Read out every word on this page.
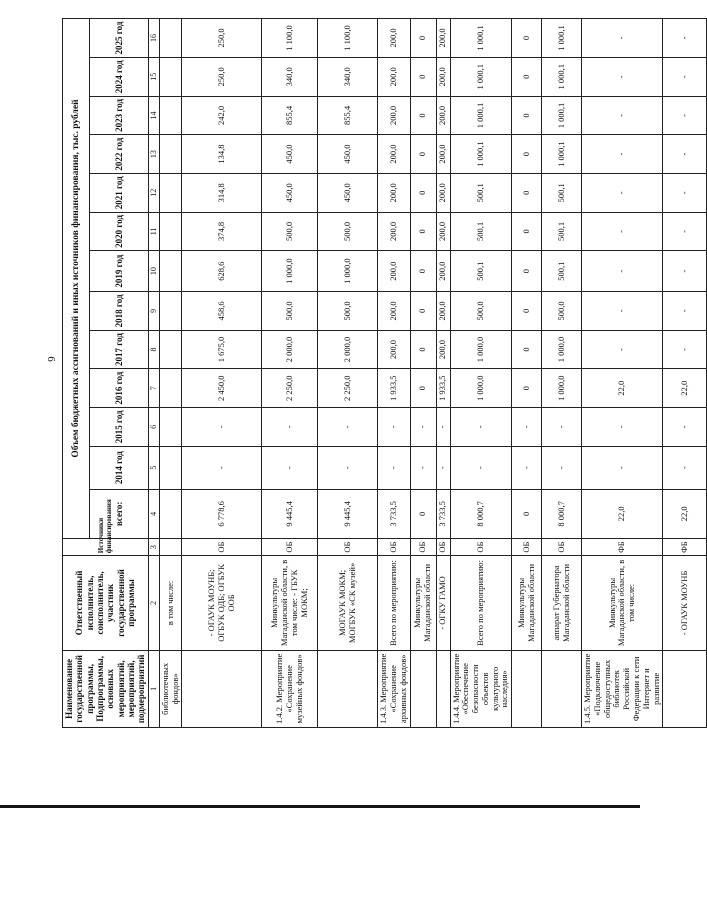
6
Наименование государственной программы, Подпрограммы, основных мероприятий, мероприятий, подмероприятий	Ответственный исполнитель, соисполнитель, участник государственной программы	Источники финансирования	Объем бюджетных ассигнований и иных источников финансирования, тыс. рублей												
			всего:	2014 год	2015 год	2016 год	2017 год	2018 год	2019 год	2020 год	2021 год	2022 год	2023 год	2024 год	2025 год
1	2	3	4	5	6	7	8	9	10	11	12	13	14	15	16
библиотечных фондов»	в том числе:														
	- ОГАУК МОУНБ; ОГБУК ОДБ; ОГБУК ООБ	ОБ	6 778,6	-	-	2 450,0	1 675,0	458,6	628,6	374,8	314,8	134,8	242,0	250,0	250,0
1.4.2. Мероприятие «Сохранение музейных фондов»	Минкультуры Магаданской области, в том числе: - ГБУК МОКМ;	ОБ	9 445,4	-	-	2 250,0	2 000,0	500,0	1 000,0	500,0	450,0	450,0	855,4	340,0	1 100,0
	МОГАУК МОКМ; МОГБУК «СК музей»	ОБ	9 445,4	-	-	2 250,0	2 000,0	500,0	1 000,0	500,0	450,0	450,0	855,4	340,0	1 100,0
1.4.3. Мероприятие «Сохранение архивных фондов»	Всего по мероприятию:	ОБ	3 733,5	-	-	1 933,5	200,0	200,0	200,0	200,0	200,0	200,0	200,0	200,0	200,0
	Минкультуры Магаданской области	ОБ	0	-	-	0	0	0	0	0	0	0	0	0	0
	- ОГКУ ГАМО	ОБ	3 733,5	-	-	1 933,5	200,0	200,0	200,0	200,0	200,0	200,0	200,0	200,0	200,0
1.4.4. Мероприятие «Обеспечение безопасности объектов культурного наследия»	Всего по мероприятию:	ОБ	8 000,7	-	-	1 000,0	1 000,0	500,0	500,1	500,1	500,1	1 000,1	1 000,1	1 000,1	1 000,1
	Минкультуры Магаданской области	ОБ	0	-	-	0	0	0	0	0	0	0	0	0	0
	аппарат Губернатора Магаданской области	ОБ	8 000,7	-	-	1 000,0	1 000,0	500,0	500,1	500,1	500,1	1 000,1	1 000,1	1 000,1	1 000,1
1.4.5. Мероприятие «Подключение общедоступных библиотек Российской Федерации к сети Интернет и развитие	Минкультуры Магаданской области, в том числе:	ФБ	22,0	-	-	22,0	-	-	-	-	-	-	-	-	-
	- ОГАУК МОУНБ	ФБ	22,0	-	-	22,0	-	-	-	-	-	-	-	-	-
